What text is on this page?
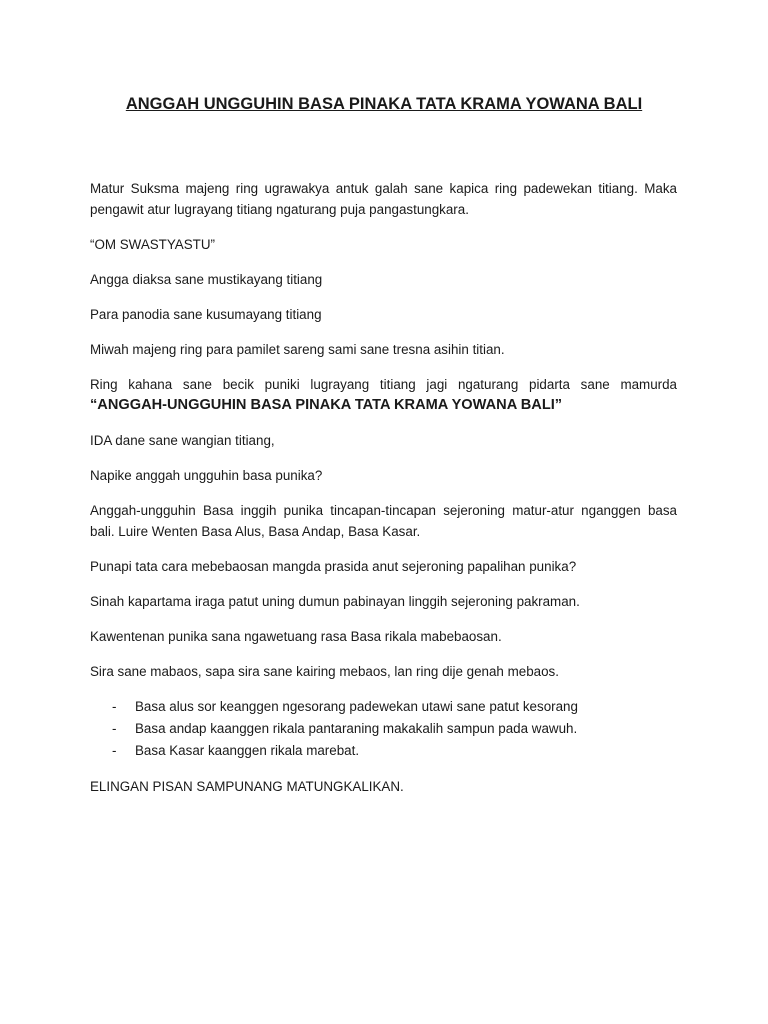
ANGGAH UNGGUHIN BASA PINAKA TATA KRAMA YOWANA BALI

Matur Suksma majeng ring ugrawakya antuk galah sane kapica ring padewekan titiang. Maka pengawit atur lugrayang titiang ngaturang puja pangastungkara.

“OM SWASTYASTU”

Angga diaksa sane mustikayang titiang

Para panodia sane kusumayang titiang

Miwah majeng ring para pamilet sareng sami sane tresna asihin titian.

Ring kahana sane becik puniki lugrayang titiang jagi ngaturang pidarta sane mamurda
“ANGGAH-UNGGUHIN BASA PINAKA TATA KRAMA YOWANA BALI”

IDA dane sane wangian titiang,

Napike anggah ungguhin basa punika?

Anggah-ungguhin Basa inggih punika tincapan-tincapan sejeroning matur-atur nganggen basa bali. Luire Wenten Basa Alus, Basa Andap, Basa Kasar.

Punapi tata cara mebebaosan mangda prasida anut sejeroning papalihan punika?

Sinah kapartama iraga patut uning dumun pabinayan linggih sejeroning pakraman.

Kawentenan punika sana ngawetuang rasa Basa rikala mabebaosan.

Sira sane mabaos, sapa sira sane kairing mebaos, lan ring dije genah mebaos.

- Basa alus sor keanggen ngesorang padewekan utawi sane patut kesorang
- Basa andap kaanggen rikala pantaraning makakalih sampun pada wawuh.
- Basa Kasar kaanggen rikala marebat.

ELINGAN PISAN SAMPUNANG MATUNGKALIKAN.
